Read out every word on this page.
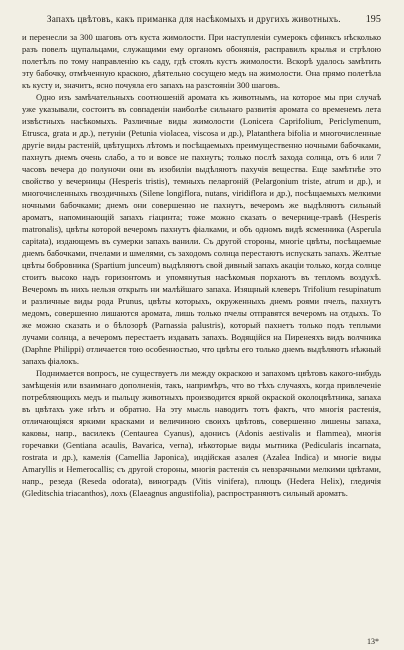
Запахъ цвѣтовъ, какъ приманка для насѣкомыхъ и другихъ животныхъ.	195

и перенесли за 300 шаговъ отъ куста жимолости. При наступленіи сумерокъ сфинксъ нѣсколько разъ повелъ щупальцами, служащими ему органомъ обонянія, расправилъ крылья и стрѣлою полетѣлъ по тому направленію къ саду, гдѣ стоялъ кустъ жимолости. Вскорѣ удалось замѣтить эту бабочку, отмѣченную краскою, дѣятельно сосущею медъ на жимолости. Она прямо полетѣла къ кусту и, значитъ, ясно почуяла его запахъ на разстояніи 300 шаговъ.

Одно изъ замѣчательныхъ соотношеній аромата къ животнымъ, на которое мы при случаѣ уже указывали, состоитъ въ совпаденіи наиболѣе сильнаго развитія аромата со временемъ лета извѣстныхъ насѣкомыхъ. Различные виды жимолости (Lonicera Caprifolium, Periclymenum, Etrusca, grata и др.), петуніи (Petunia violacea, viscosa и др.), Platanthera bifolia и многочисленные другіе виды растеній, цвѣтущихъ лѣтомъ и посѣщаемыхъ преимущественно ночными бабочками, пахнутъ днемъ очень слабо, а то и вовсе не пахнутъ; только послѣ захода солнца, отъ 6 или 7 часовъ вечера до полуночи они въ изобиліи выдѣляютъ пахучія вещества. Еще замѣтнѣе это свойство у вечерницы (Hesperis tristis), темныхъ пеларгоній (Pelargonium triste, atrum и др.), и многочисленныхъ гвоздичныхъ (Silene longiflora, nutans, viridiflora и др.), посѣщаемыхъ мелкими ночными бабочками; днемъ они совершенно не пахнутъ, вечеромъ же выдѣляютъ сильный ароматъ, напоминающій запахъ гіацинта; тоже можно сказать о вечернице-травѣ (Hesperis matronalis), цвѣты которой вечеромъ пахнутъ фіалками, и объ одномъ видѣ ясменника (Asperula capitata), издающемъ въ сумерки запахъ ванили. Съ другой стороны, многіе цвѣты, посѣщаемые днемъ бабочками, пчелами и шмелями, съ заходомъ солнца перестаютъ испускать запахъ. Желтые цвѣты бобровника (Spartium junceum) выдѣляютъ свой дивный запахъ акаціи только, когда солнце стоитъ высоко надъ горизонтомъ и упомянутыя насѣкомыя порхаютъ въ тепломъ воздухѣ. Вечеромъ въ нихъ нельзя открыть ни малѣйшаго запаха. Изящный клеверъ Trifolium resupinatum и различные виды рода Prunus, цвѣты которыхъ, окруженныхъ днемъ роями пчелъ, пахнутъ медомъ, совершенно лишаются аромата, лишь только пчелы отправятся вечеромъ на отдыхъ. То же можно сказать и о бѣлозорѣ (Parnassia palustris), который пахнетъ только подъ теплыми лучами солнца, а вечеромъ перестаетъ издавать запахъ. Водящійся на Пиренеяхъ видъ волчника (Daphne Philippi) отличается тою особенностью, что цвѣты его только днемъ выдѣляютъ нѣжный запахъ фіалокъ.

Поднимается вопросъ, не существуетъ ли между окраскою и запахомъ цвѣтовъ какого-нибудь замѣщенія или взаимнаго дополненія, такъ, напримѣръ, что во тѣхъ случаяхъ, когда привлеченіе потребляющихъ медъ и пыльцу животныхъ производится яркой окраской околоцвѣтника, запаха въ цвѣтахъ уже нѣтъ и обратно. На эту мысль наводитъ тотъ фактъ, что многія растенія, отличающіяся яркими красками и величиною своихъ цвѣтовъ, совершенно лишены запаха, каковы, напр., василекъ (Centaurea Cyanus), адонисъ (Adonis aestivalis и flammea), многія горечавки (Gentiana acaulis, Bavarica, verna), нѣкоторые виды мытника (Pedicularis incarnata, rostrata и др.), камелія (Camellia Japonica), индійская азалея (Azalea Indica) и многіе виды Amaryllis и Hemerocallis; съ другой стороны, многія растенія съ невзрачными мелкими цвѣтами, напр., резеда (Reseda odorata), виноградъ (Vitis vinifera), плющъ (Hedera Helix), гледичія (Gleditschia triacanthos), лохъ (Elaeagnus angustifolia), распространяютъ сильный ароматъ.

13*
